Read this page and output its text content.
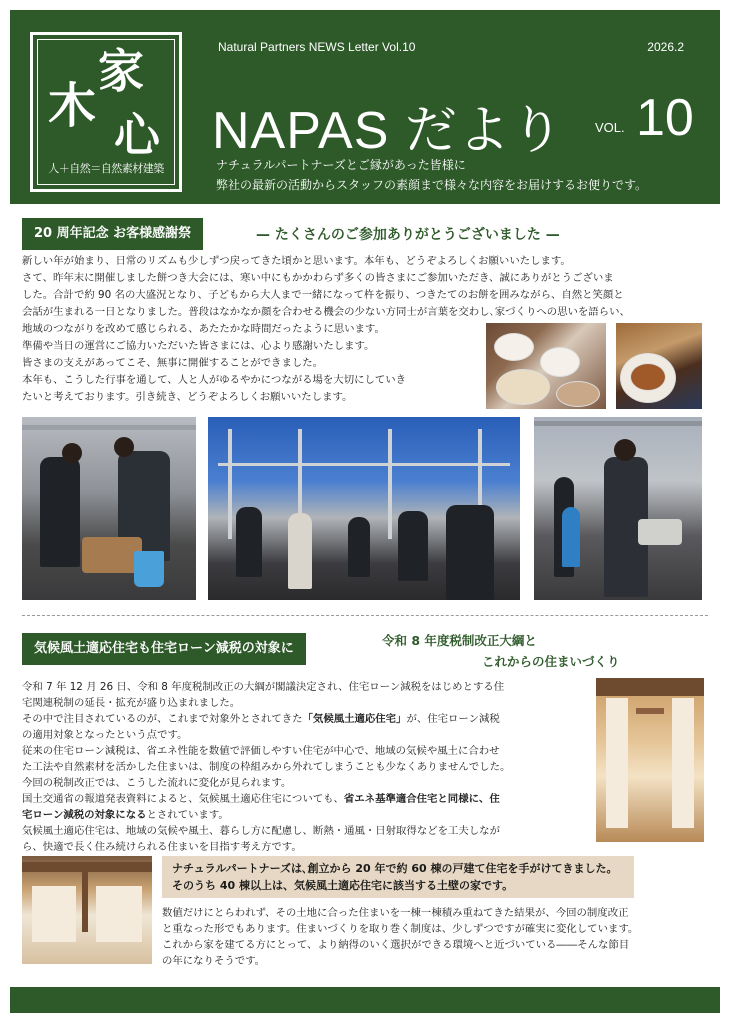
家
木
心
人＋自然＝自然素材建築
Natural Partners NEWS Letter Vol.10	2026.2
NAPAS だより VOL. 10
ナチュラルパートナーズとご縁があった皆様に
弊社の最新の活動からスタッフの素顔まで様々な内容をお届けするお便りです。
20 周年記念 お客様感謝祭	— たくさんのご参加ありがとうございました —
新しい年が始まり、日常のリズムも少しずつ戻ってきた頃かと思います。本年も、どうぞよろしくお願いいたします。
さて、昨年末に開催しました餅つき大会には、寒い中にもかかわらず多くの皆さまにご参加いただき、誠にありがとうございま
した。合計で約 90 名の大盛況となり、子どもから大人まで一緒になって杵を振り、つきたてのお餅を囲みながら、自然と笑顔と
会話が生まれる一日となりました。普段はなかなか顔を合わせる機会の少ない方同士が言葉を交わし､家づくりへの思いを語らい、
地域のつながりを改めて感じられる、あたたかな時間だったように思います。
準備や当日の運営にご協力いただいた皆さまには、心より感謝いたします。
皆さまの支えがあってこそ、無事に開催することができました。
本年も、こうした行事を通して、人と人がゆるやかにつながる場を大切にしていき
たいと考えております。引き続き、どうぞよろしくお願いいたします。
気候風土適応住宅も住宅ローン減税の対象に
令和 8 年度税制改正大綱と
これからの住まいづくり
令和 7 年 12 月 26 日、令和 8 年度税制改正の大綱が閣議決定され、住宅ローン減税をはじめとする住
宅関連税制の延長・拡充が盛り込まれました。
その中で注目されているのが、これまで対象外とされてきた「気候風土適応住宅」が、住宅ローン減税
の適用対象となったという点です。
従来の住宅ローン減税は、省エネ性能を数値で評価しやすい住宅が中心で、地域の気候や風土に合わせ
た工法や自然素材を活かした住まいは、制度の枠組みから外れてしまうことも少なくありませんでした。
今回の税制改正では、こうした流れに変化が見られます。
国土交通省の報道発表資料によると、気候風土適応住宅についても、省エネ基準適合住宅と同様に、住
宅ローン減税の対象になるとされています。
気候風土適応住宅は、地域の気候や風土、暮らし方に配慮し、断熱・通風・日射取得などを工夫しなが
ら、快適で長く住み続けられる住まいを目指す考え方です。
ナチュラルパートナーズは､創立から 20 年で約 60 棟の戸建て住宅を手がけてきました。
そのうち 40 棟以上は、気候風土適応住宅に該当する土壁の家です。
数値だけにとらわれず、その土地に合った住まいを一棟一棟積み重ねてきた結果が、今回の制度改正
と重なった形でもあります。住まいづくりを取り巻く制度は、少しずつですが確実に変化しています。
これから家を建てる方にとって、より納得のいく選択ができる環境へと近づいている――そんな節目
の年になりそうです。
